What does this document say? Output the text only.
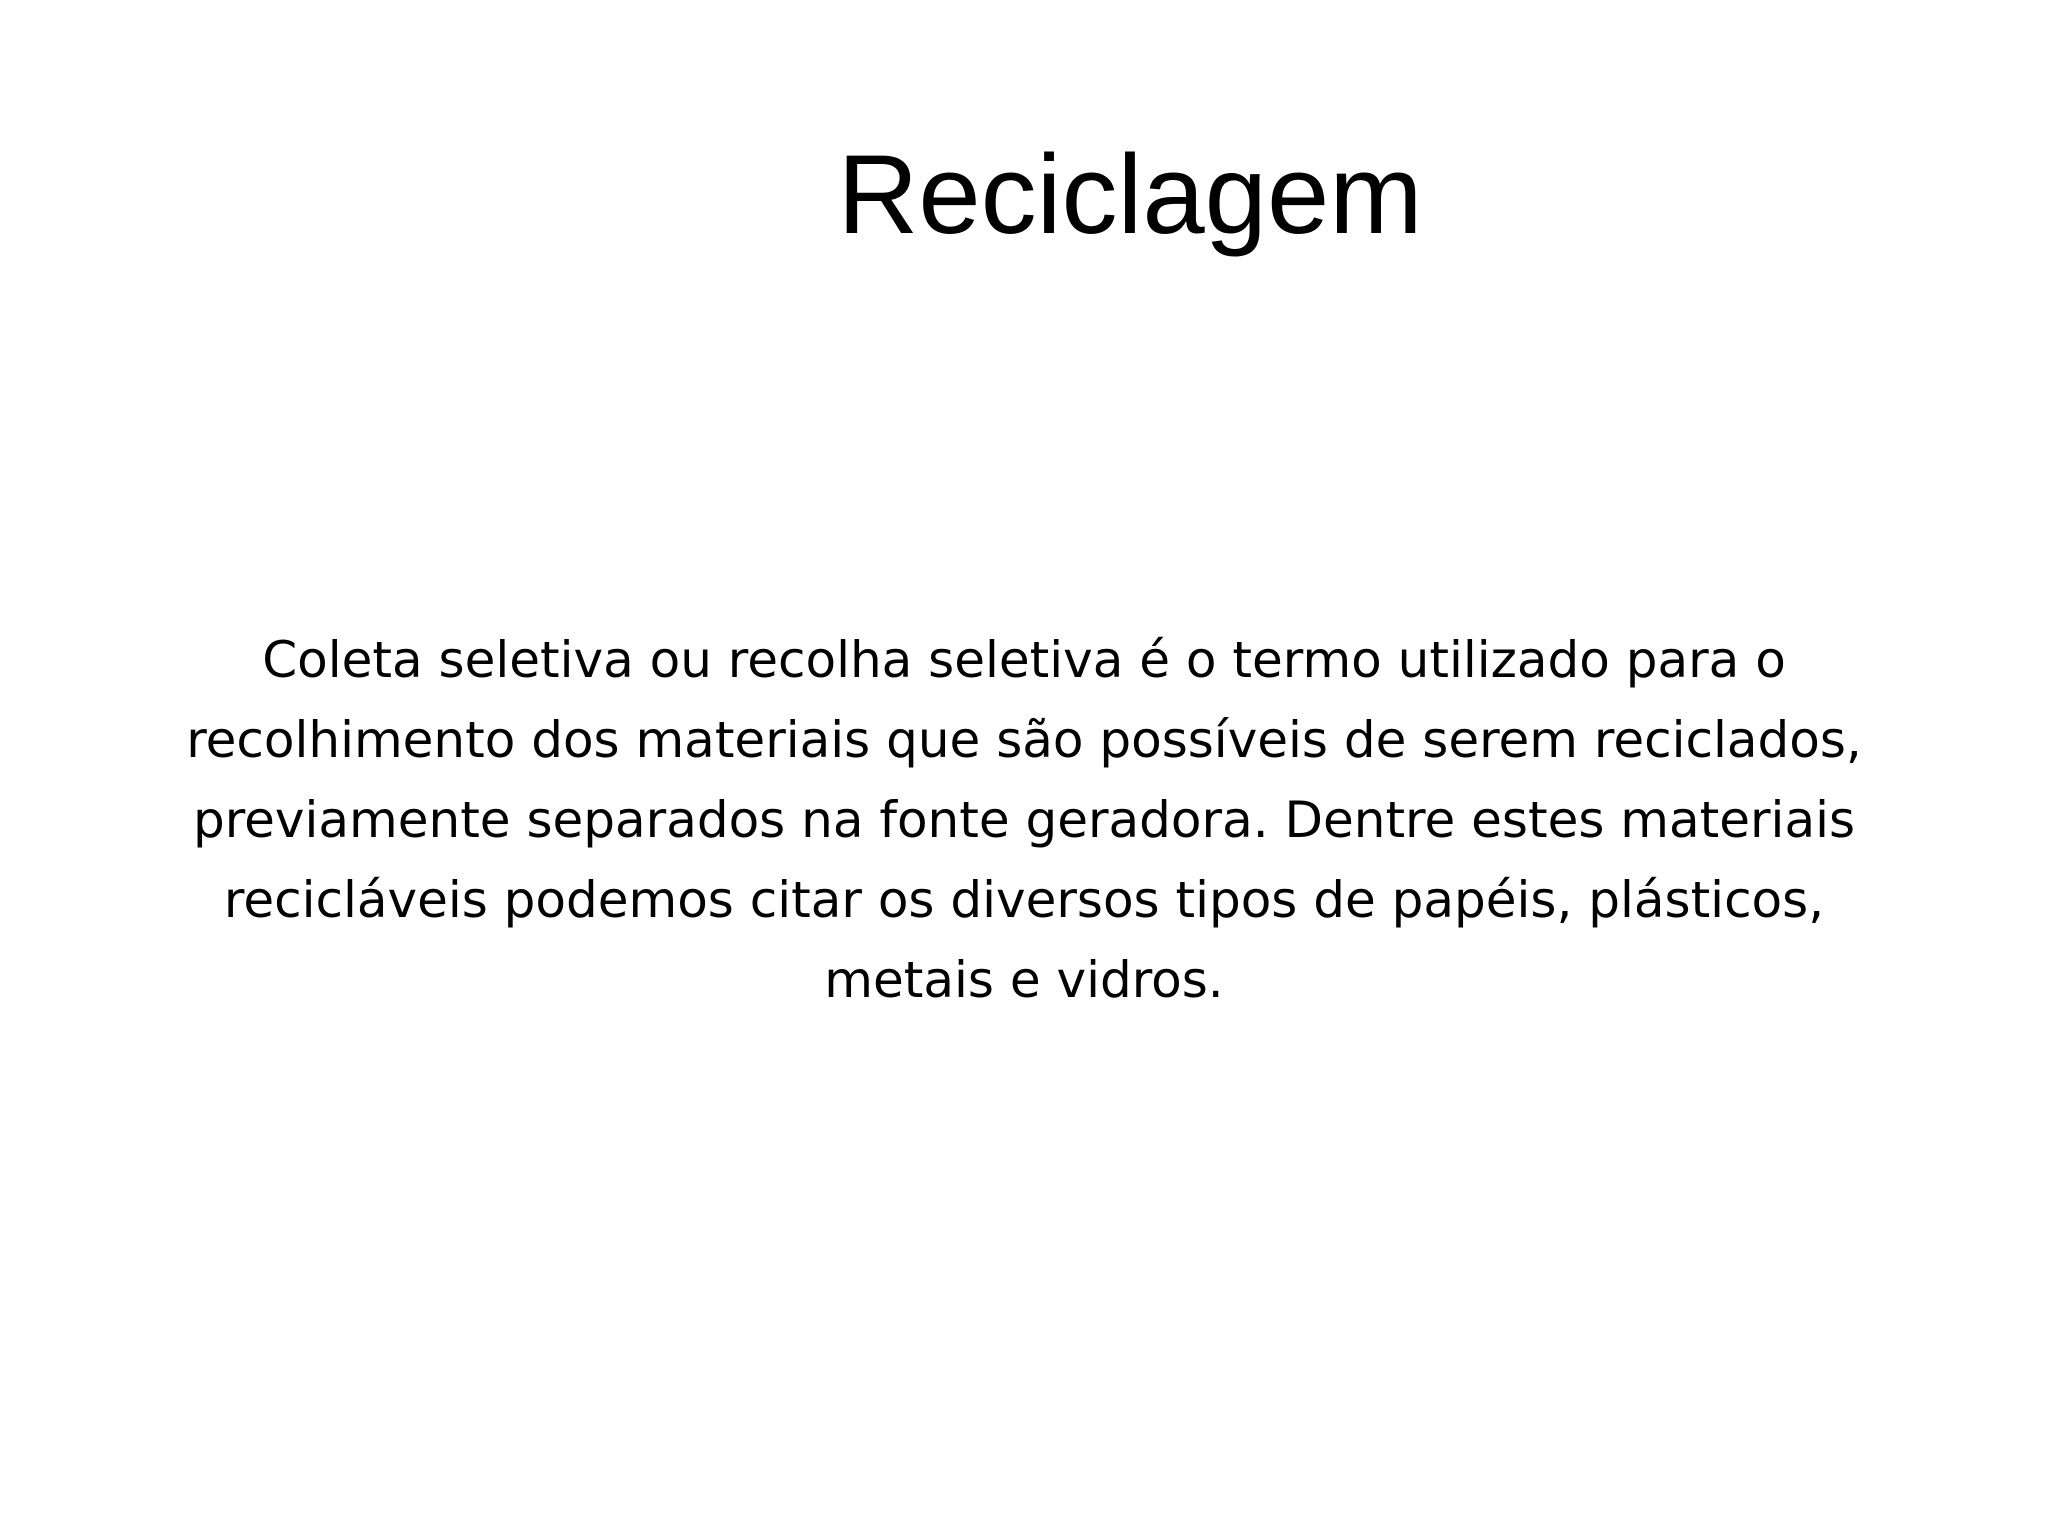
Reciclagem

Coleta seletiva ou recolha seletiva é o termo utilizado para o recolhimento dos materiais que são possíveis de serem reciclados, previamente separados na fonte geradora. Dentre estes materiais recicláveis podemos citar os diversos tipos de papéis, plásticos, metais e vidros.
